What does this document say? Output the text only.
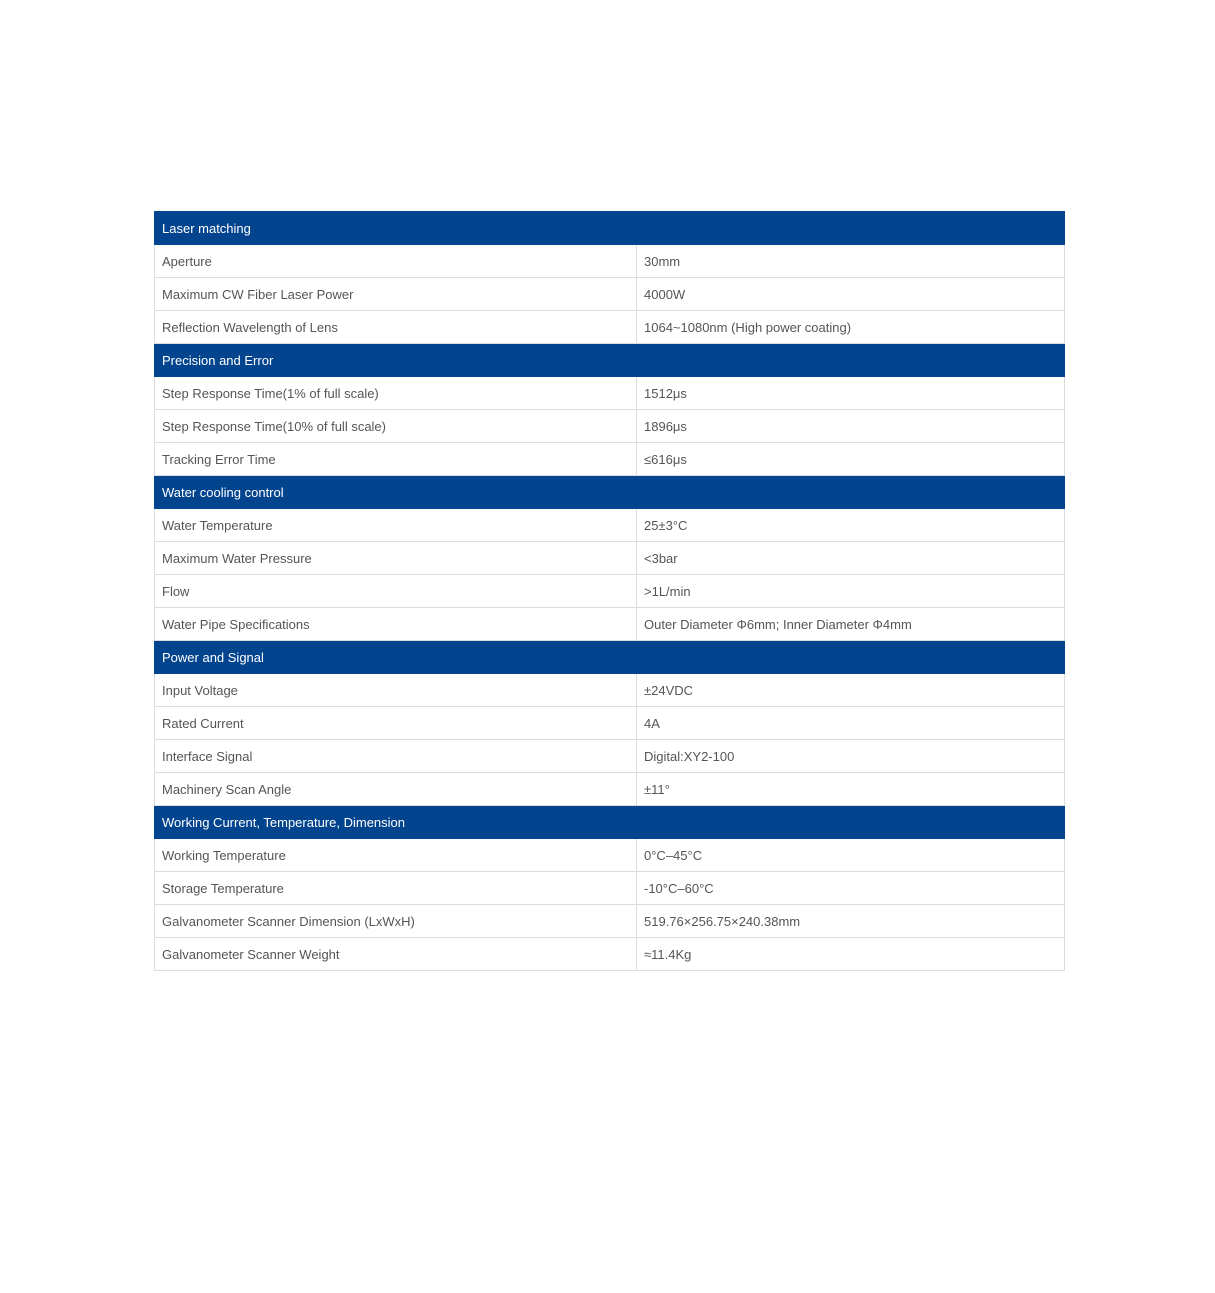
Laser matching	
Aperture	30mm
Maximum CW Fiber Laser Power	4000W
Reflection Wavelength of Lens	1064~1080nm (High power coating)
Precision and Error	
Step Response Time(1% of full scale)	1512μs
Step Response Time(10% of full scale)	1896μs
Tracking Error Time	≤616μs
Water cooling control	
Water Temperature	25±3°C
Maximum Water Pressure	<3bar
Flow	>1L/min
Water Pipe Specifications	Outer Diameter Φ6mm; Inner Diameter Φ4mm
Power and Signal	
Input Voltage	±24VDC
Rated Current	4A
Interface Signal	Digital:XY2-100
Machinery Scan Angle	±11°
Working Current, Temperature, Dimension	
Working Temperature	0°C–45°C
Storage Temperature	-10°C–60°C
Galvanometer Scanner Dimension (LxWxH)	519.76×256.75×240.38mm
Galvanometer Scanner Weight	≈11.4Kg
